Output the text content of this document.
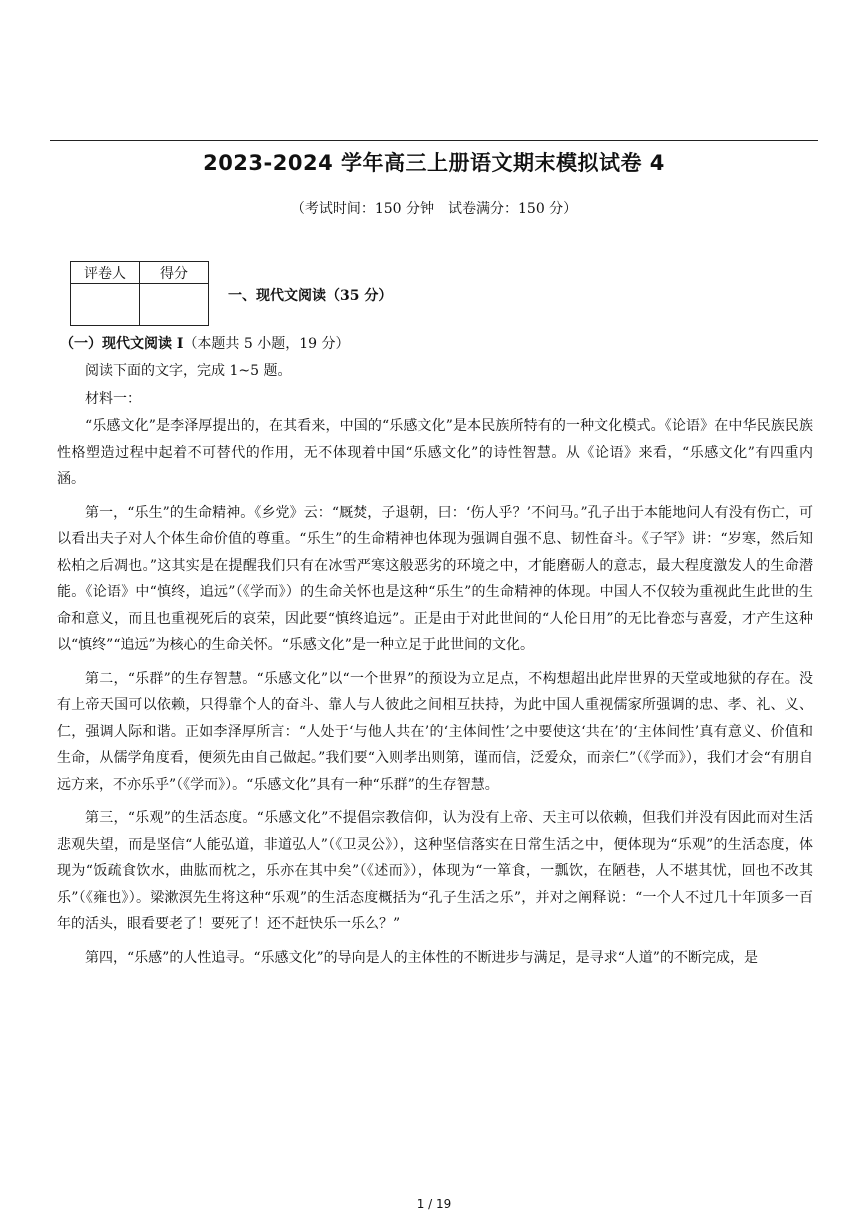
2023-2024 学年高三上册语文期末模拟试卷 4
（考试时间：150 分钟　试卷满分：150 分）
评卷人	得分

一、现代文阅读（35 分）
（一）现代文阅读 I（本题共 5 小题，19 分）

阅读下面的文字，完成 1~5 题。

材料一：

“乐感文化”是李泽厚提出的，在其看来，中国的“乐感文化”是本民族所特有的一种文化模式。《论语》在中华民族民族性格塑造过程中起着不可替代的作用，无不体现着中国“乐感文化”的诗性智慧。从《论语》来看，“乐感文化”有四重内涵。

第一，“乐生”的生命精神。《乡党》云：“厩焚，子退朝，曰：‘伤人乎？’不问马。”孔子出于本能地问人有没有伤亡，可以看出夫子对人个体生命价值的尊重。“乐生”的生命精神也体现为强调自强不息、韧性奋斗。《子罕》讲：“岁寒，然后知松柏之后凋也。”这其实是在提醒我们只有在冰雪严寒这般恶劣的环境之中，才能磨砺人的意志，最大程度激发人的生命潜能。《论语》中“慎终，追远”（《学而》）的生命关怀也是这种“乐生”的生命精神的体现。中国人不仅较为重视此生此世的生命和意义，而且也重视死后的哀荣，因此要“慎终追远”。正是由于对此世间的“人伦日用”的无比眷恋与喜爱，才产生这种以“慎终”“追远”为核心的生命关怀。“乐感文化”是一种立足于此世间的文化。

第二，“乐群”的生存智慧。“乐感文化”以“一个世界”的预设为立足点，不构想超出此岸世界的天堂或地狱的存在。没有上帝天国可以依赖，只得靠个人的奋斗、靠人与人彼此之间相互扶持，为此中国人重视儒家所强调的忠、孝、礼、义、仁，强调人际和谐。正如李泽厚所言：“人处于‘与他人共在’的‘主体间性’之中要使这‘共在’的‘主体间性’真有意义、价值和生命，从儒学角度看，便须先由自己做起。”我们要“入则孝出则第，谨而信，泛爱众，而亲仁”（《学而》），我们才会“有朋自远方来，不亦乐乎”（《学而》）。“乐感文化”具有一种“乐群”的生存智慧。

第三，“乐观”的生活态度。“乐感文化”不提倡宗教信仰，认为没有上帝、天主可以依赖，但我们并没有因此而对生活悲观失望，而是坚信“人能弘道，非道弘人”（《卫灵公》），这种坚信落实在日常生活之中，便体现为“乐观”的生活态度，体现为“饭疏食饮水，曲肱而枕之，乐亦在其中矣”（《述而》），体现为“一箪食，一瓢饮，在陋巷，人不堪其忧，回也不改其乐”（《雍也》）。梁漱溟先生将这种“乐观”的生活态度概括为“孔子生活之乐”，并对之阐释说：“一个人不过几十年顶多一百年的活头，眼看要老了！要死了！还不赶快乐一乐么？”

第四，“乐感”的人性追寻。“乐感文化”的导向是人的主体性的不断进步与满足，是寻求“人道”的不断完成，是

1 / 19
